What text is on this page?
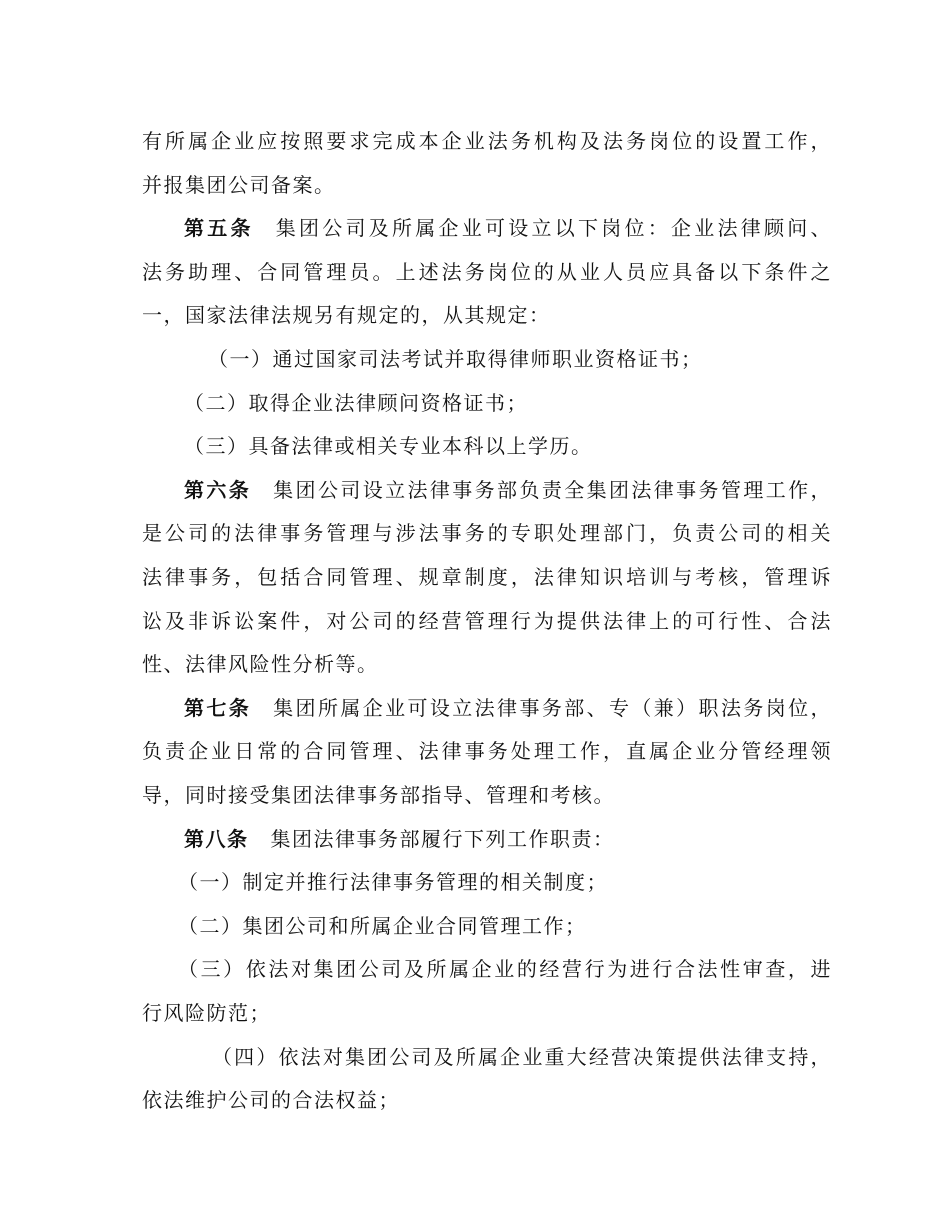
有所属企业应按照要求完成本企业法务机构及法务岗位的设置工作，
并报集团公司备案。
第五条 集团公司及所属企业可设立以下岗位：企业法律顾问、
法务助理、合同管理员。上述法务岗位的从业人员应具备以下条件之
一，国家法律法规另有规定的，从其规定：
（一）通过国家司法考试并取得律师职业资格证书；
（二）取得企业法律顾问资格证书；
（三）具备法律或相关专业本科以上学历。
第六条 集团公司设立法律事务部负责全集团法律事务管理工作，
是公司的法律事务管理与涉法事务的专职处理部门，负责公司的相关
法律事务，包括合同管理、规章制度，法律知识培训与考核，管理诉
讼及非诉讼案件，对公司的经营管理行为提供法律上的可行性、合法
性、法律风险性分析等。
第七条 集团所属企业可设立法律事务部、专（兼）职法务岗位，
负责企业日常的合同管理、法律事务处理工作，直属企业分管经理领
导，同时接受集团法律事务部指导、管理和考核。
第八条 集团法律事务部履行下列工作职责：
（一）制定并推行法律事务管理的相关制度；
（二）集团公司和所属企业合同管理工作；
（三）依法对集团公司及所属企业的经营行为进行合法性审查，进
行风险防范；
（四）依法对集团公司及所属企业重大经营决策提供法律支持，
依法维护公司的合法权益；
